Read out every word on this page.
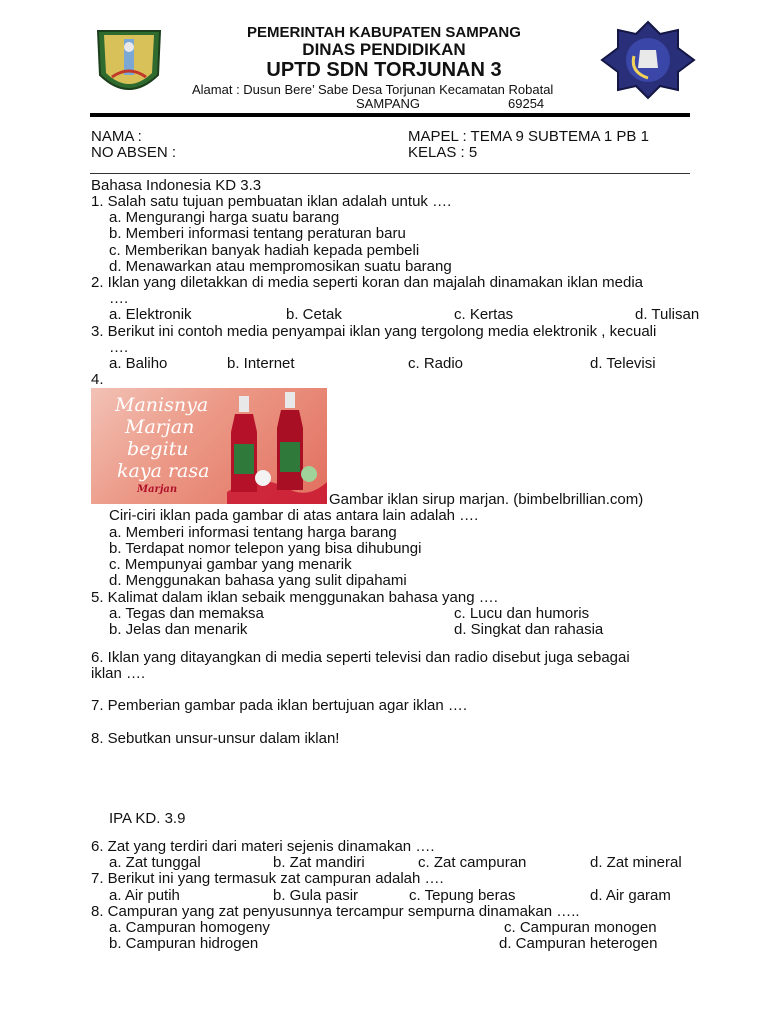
PEMERINTAH KABUPATEN SAMPANG
DINAS PENDIDIKAN
UPTD SDN TORJUNAN 3
Alamat : Dusun Bere’ Sabe Desa Torjunan Kecamatan Robatal
SAMPANG	69254
NAMA :
NO ABSEN :
MAPEL : TEMA 9 SUBTEMA 1 PB 1
KELAS : 5
Bahasa Indonesia KD 3.3
1. Salah satu tujuan pembuatan iklan adalah untuk ….
a. Mengurangi harga suatu barang
b. Memberi informasi tentang peraturan baru
c. Memberikan banyak hadiah kepada pembeli
d. Menawarkan atau mempromosikan suatu barang
2. Iklan yang diletakkan di media seperti koran dan majalah dinamakan iklan media
….
a. Elektronik	b. Cetak	c. Kertas	d. Tulisan
3. Berikut ini contoh media penyampai iklan yang tergolong media elektronik , kecuali
….
a. Baliho	b. Internet	c. Radio	d. Televisi
4.
Manisnya
Marjan
begitu
kaya rasa
Marjan
Gambar iklan sirup marjan. (bimbelbrillian.com)
Ciri-ciri iklan pada gambar di atas antara lain adalah ….
a. Memberi informasi tentang harga barang
b. Terdapat nomor telepon yang bisa dihubungi
c. Mempunyai gambar yang menarik
d. Menggunakan bahasa yang sulit dipahami
5. Kalimat dalam iklan sebaik menggunakan bahasa yang ….
a. Tegas dan memaksa	c. Lucu dan humoris
b. Jelas dan menarik	d. Singkat dan rahasia
6. Iklan yang ditayangkan di media seperti televisi dan radio disebut juga sebagai
iklan ….
7. Pemberian gambar pada iklan bertujuan agar iklan ….
8. Sebutkan unsur-unsur dalam iklan!
IPA KD. 3.9
6. Zat yang terdiri dari materi sejenis dinamakan ….
a. Zat tunggal	b. Zat mandiri	c. Zat campuran	d. Zat mineral
7. Berikut ini yang termasuk zat campuran adalah ….
a. Air putih	b. Gula pasir	c. Tepung beras	d. Air garam
8. Campuran yang zat penyusunnya tercampur sempurna dinamakan …..
a. Campuran homogeny	c. Campuran monogen
b. Campuran hidrogen	d. Campuran heterogen
